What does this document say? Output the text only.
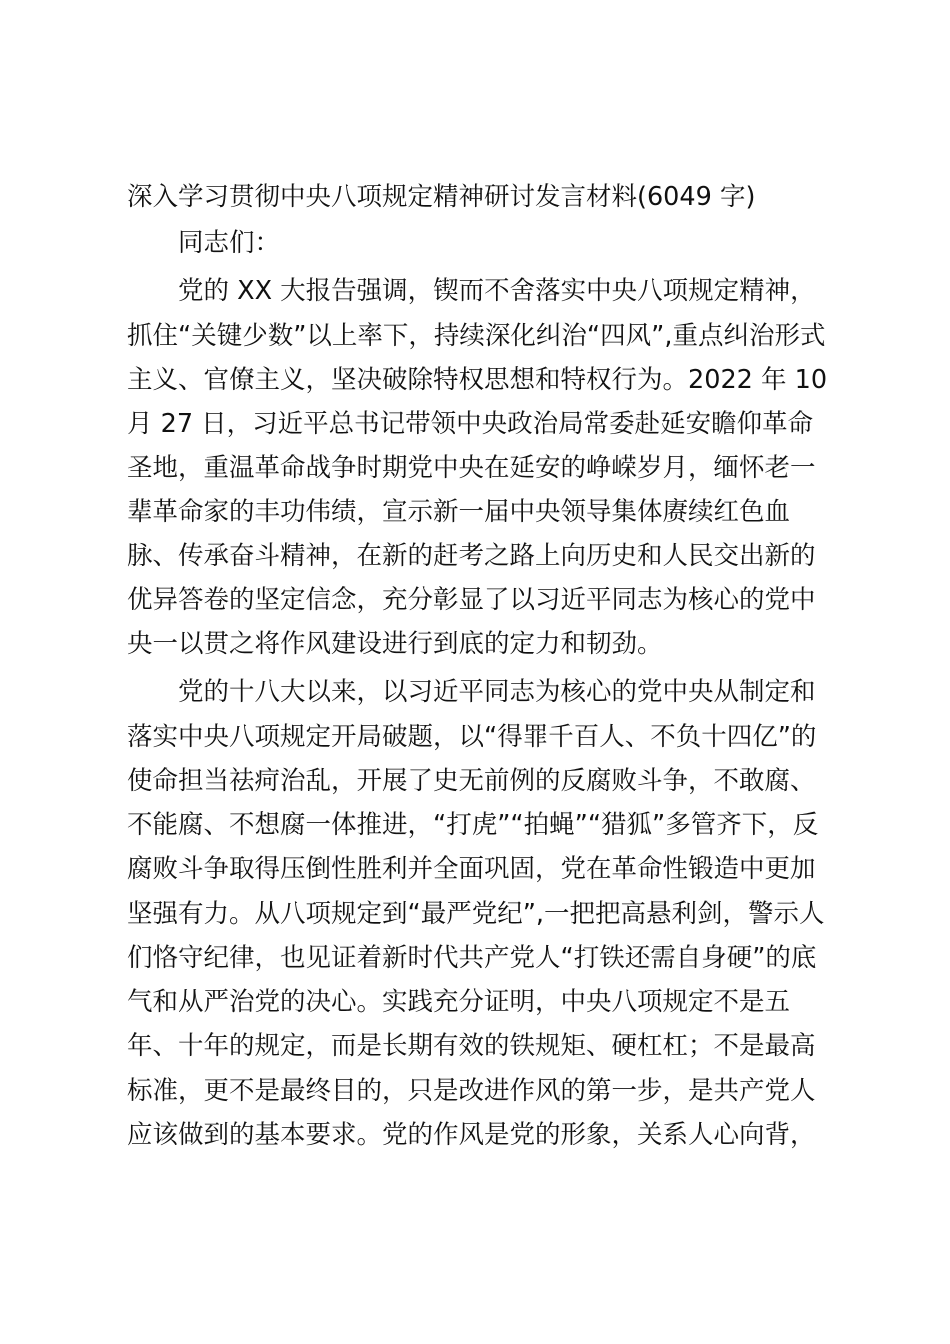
深入学习贯彻中央八项规定精神研讨发言材料(6049 字)

同志们：

党的 XX 大报告强调，锲而不舍落实中央八项规定精神，

抓住“关键少数”以上率下，持续深化纠治“四风”,重点纠治形式

主义、官僚主义，坚决破除特权思想和特权行为。2022 年 10

月 27 日，习近平总书记带领中央政治局常委赴延安瞻仰革命

圣地，重温革命战争时期党中央在延安的峥嵘岁月，缅怀老一

辈革命家的丰功伟绩，宣示新一届中央领导集体赓续红色血

脉、传承奋斗精神，在新的赶考之路上向历史和人民交出新的

优异答卷的坚定信念，充分彰显了以习近平同志为核心的党中

央一以贯之将作风建设进行到底的定力和韧劲。

党的十八大以来，以习近平同志为核心的党中央从制定和

落实中央八项规定开局破题，以“得罪千百人、不负十四亿”的

使命担当祛疴治乱，开展了史无前例的反腐败斗争，不敢腐、

不能腐、不想腐一体推进，“打虎”“拍蝇”“猎狐”多管齐下，反

腐败斗争取得压倒性胜利并全面巩固，党在革命性锻造中更加

坚强有力。从八项规定到“最严党纪”,一把把高悬利剑，警示人

们恪守纪律，也见证着新时代共产党人“打铁还需自身硬”的底

气和从严治党的决心。实践充分证明，中央八项规定不是五

年、十年的规定，而是长期有效的铁规矩、硬杠杠；不是最高

标准，更不是最终目的，只是改进作风的第一步，是共产党人

应该做到的基本要求。党的作风是党的形象，关系人心向背，
